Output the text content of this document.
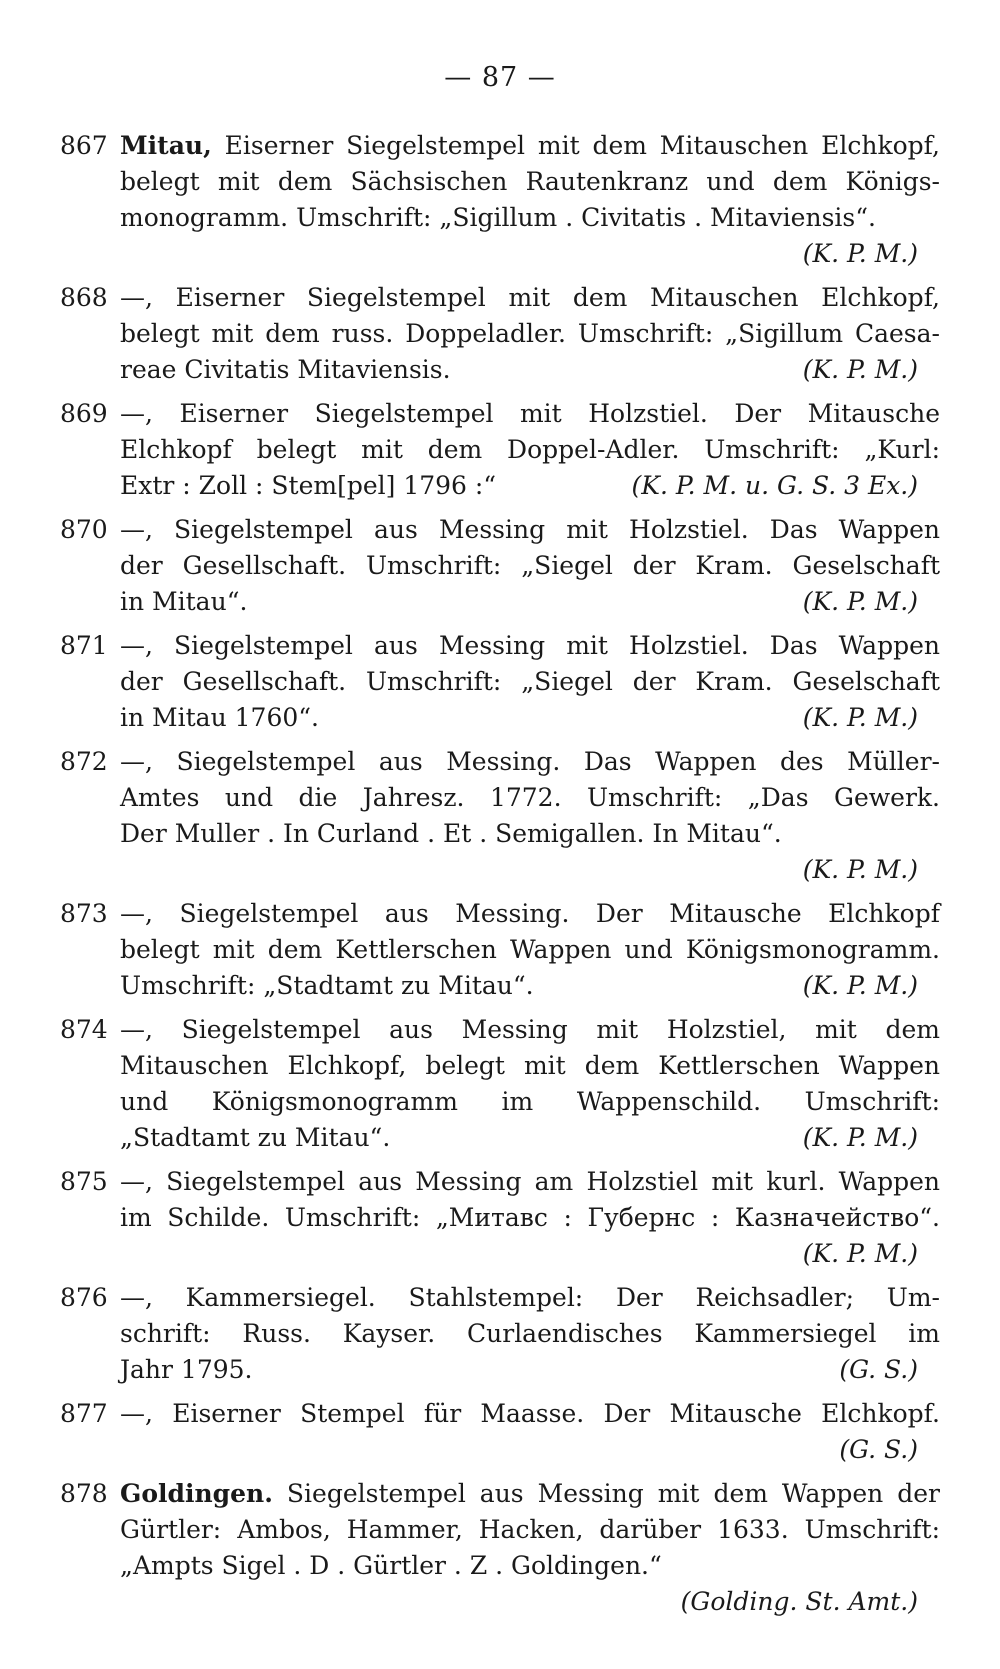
— 87 —
867 Mitau, Eiserner Siegelstempel mit dem Mitauschen Elchkopf,
belegt mit dem Sächsischen Rautenkranz und dem Königs-
monogramm. Umschrift: „Sigillum . Civitatis . Mitaviensis“.
(K. P. M.)
868 —, Eiserner Siegelstempel mit dem Mitauschen Elchkopf,
belegt mit dem russ. Doppeladler. Umschrift: „Sigillum Caesa-
reae Civitatis Mitaviensis.	(K. P. M.)
869 —, Eiserner Siegelstempel mit Holzstiel. Der Mitausche
Elchkopf belegt mit dem Doppel-Adler. Umschrift: „Kurl:
Extr : Zoll : Stem[pel] 1796 :“	(K. P. M. u. G. S. 3 Ex.)
870 —, Siegelstempel aus Messing mit Holzstiel. Das Wappen
der Gesellschaft. Umschrift: „Siegel der Kram. Geselschaft
in Mitau“.	(K. P. M.)
871 —, Siegelstempel aus Messing mit Holzstiel. Das Wappen
der Gesellschaft. Umschrift: „Siegel der Kram. Geselschaft
in Mitau 1760“.	(K. P. M.)
872 —, Siegelstempel aus Messing. Das Wappen des Müller-
Amtes und die Jahresz. 1772. Umschrift: „Das Gewerk.
Der Muller . In Curland . Et . Semigallen. In Mitau“.
(K. P. M.)
873 —, Siegelstempel aus Messing. Der Mitausche Elchkopf
belegt mit dem Kettlerschen Wappen und Königsmonogramm.
Umschrift: „Stadtamt zu Mitau“.	(K. P. M.)
874 —, Siegelstempel aus Messing mit Holzstiel, mit dem
Mitauschen Elchkopf, belegt mit dem Kettlerschen Wappen
und Königsmonogramm im Wappenschild. Umschrift:
„Stadtamt zu Mitau“.	(K. P. M.)
875 —, Siegelstempel aus Messing am Holzstiel mit kurl. Wappen
im Schilde. Umschrift: „Митавс : Губернс : Казначейство“.
(K. P. M.)
876 —, Kammersiegel. Stahlstempel: Der Reichsadler; Um-
schrift: Russ. Kayser. Curlaendisches Kammersiegel im
Jahr 1795.	(G. S.)
877 —, Eiserner Stempel für Maasse. Der Mitausche Elchkopf.
(G. S.)
878 Goldingen. Siegelstempel aus Messing mit dem Wappen der
Gürtler: Ambos, Hammer, Hacken, darüber 1633. Umschrift:
„Ampts Sigel . D . Gürtler . Z . Goldingen.“
(Golding. St. Amt.)
